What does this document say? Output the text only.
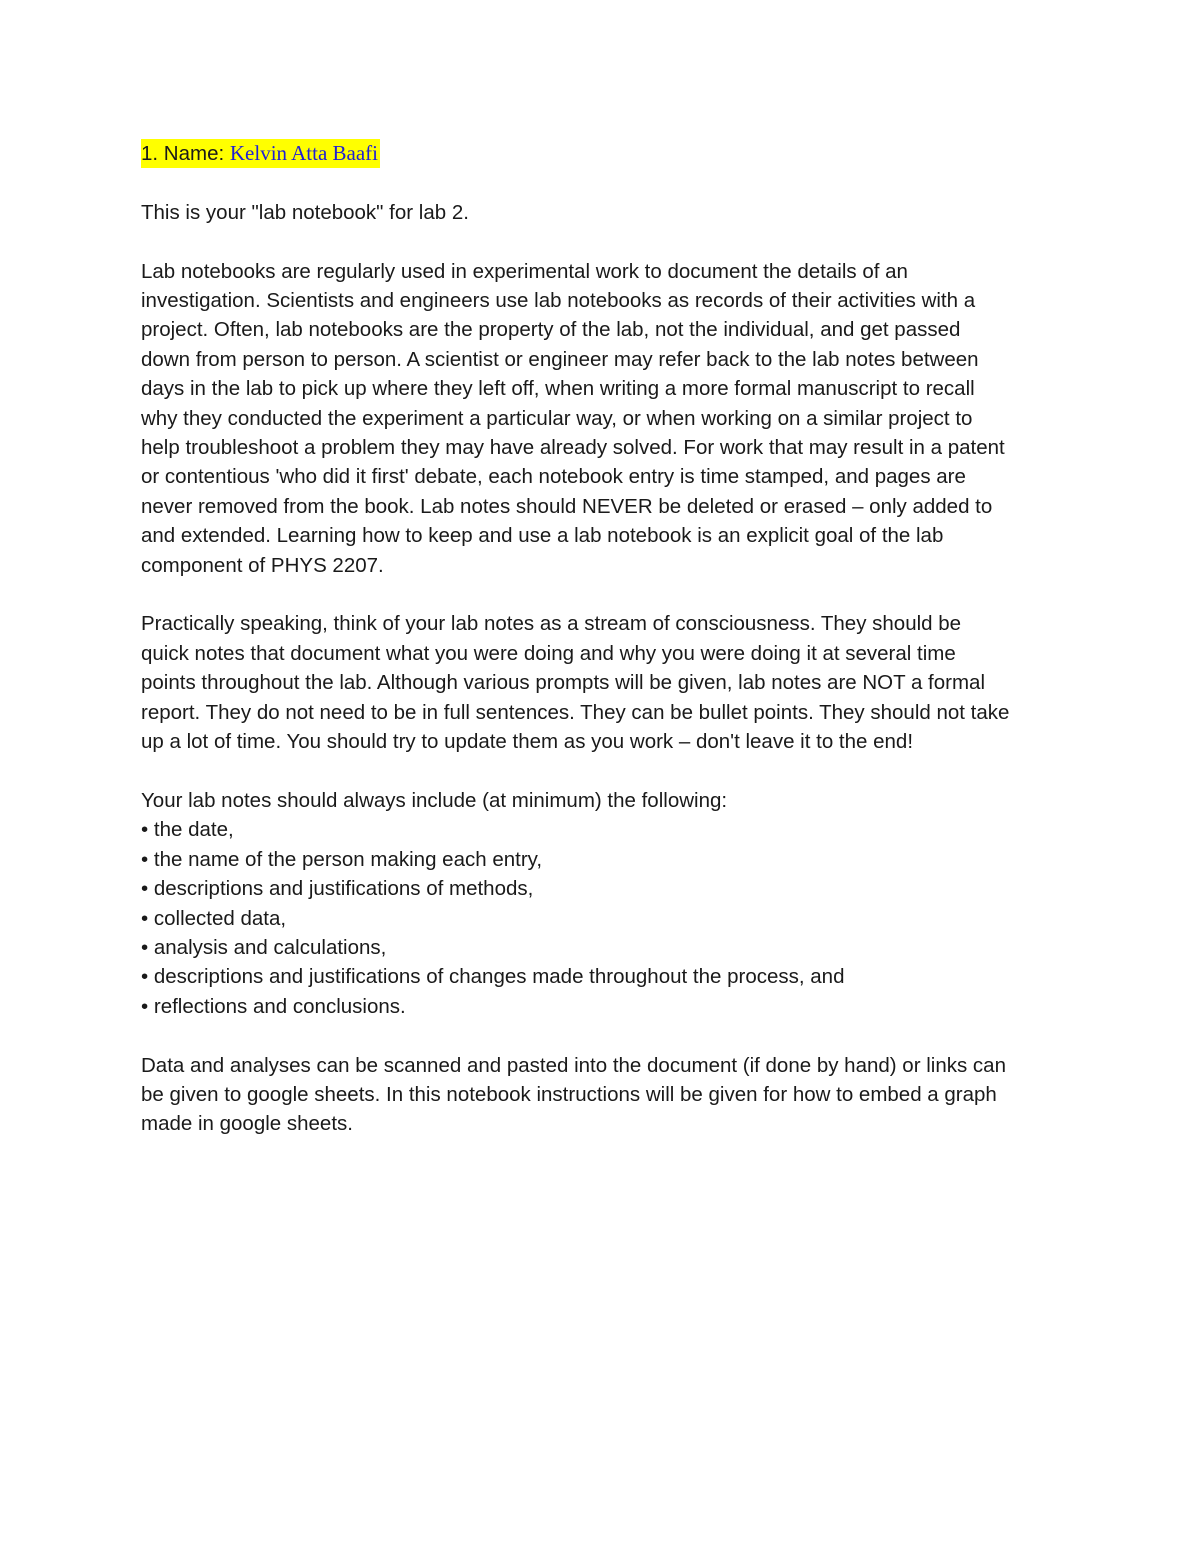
1. Name: Kelvin Atta Baafi
This is your "lab notebook" for lab 2.
Lab notebooks are regularly used in experimental work to document the details of an
investigation. Scientists and engineers use lab notebooks as records of their activities with a
project. Often, lab notebooks are the property of the lab, not the individual, and get passed
down from person to person. A scientist or engineer may refer back to the lab notes between
days in the lab to pick up where they left off, when writing a more formal manuscript to recall
why they conducted the experiment a particular way, or when working on a similar project to
help troubleshoot a problem they may have already solved. For work that may result in a patent
or contentious 'who did it first' debate, each notebook entry is time stamped, and pages are
never removed from the book. Lab notes should NEVER be deleted or erased – only added to
and extended. Learning how to keep and use a lab notebook is an explicit goal of the lab
component of PHYS 2207.
Practically speaking, think of your lab notes as a stream of consciousness. They should be
quick notes that document what you were doing and why you were doing it at several time
points throughout the lab. Although various prompts will be given, lab notes are NOT a formal
report. They do not need to be in full sentences. They can be bullet points. They should not take
up a lot of time. You should try to update them as you work – don't leave it to the end!
Your lab notes should always include (at minimum) the following:
• the date,
• the name of the person making each entry,
• descriptions and justifications of methods,
• collected data,
• analysis and calculations,
• descriptions and justifications of changes made throughout the process, and
• reflections and conclusions.
Data and analyses can be scanned and pasted into the document (if done by hand) or links can
be given to google sheets. In this notebook instructions will be given for how to embed a graph
made in google sheets.
